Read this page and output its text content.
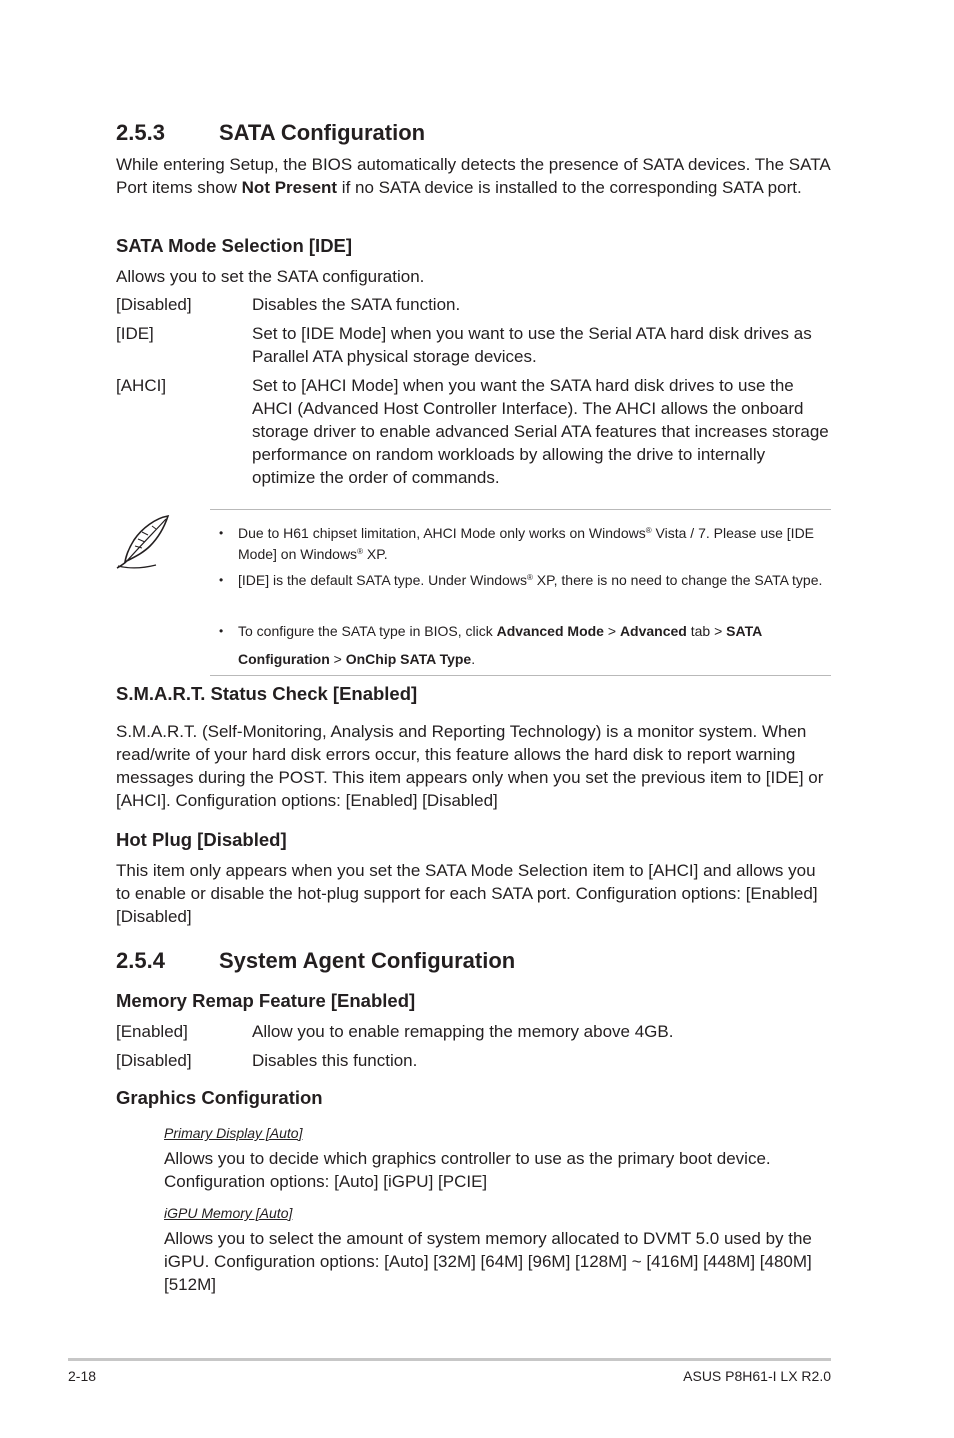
2.5.3 SATA Configuration
While entering Setup, the BIOS automatically detects the presence of SATA devices. The SATA Port items show Not Present if no SATA device is installed to the corresponding SATA port.
SATA Mode Selection [IDE]
Allows you to set the SATA configuration.
[Disabled]	Disables the SATA function.
[IDE]	Set to [IDE Mode] when you want to use the Serial ATA hard disk drives as Parallel ATA physical storage devices.
[AHCI]	Set to [AHCI Mode] when you want the SATA hard disk drives to use the AHCI (Advanced Host Controller Interface). The AHCI allows the onboard storage driver to enable advanced Serial ATA features that increases storage performance on random workloads by allowing the drive to internally optimize the order of commands.
• Due to H61 chipset limitation, AHCI Mode only works on Windows® Vista / 7. Please use [IDE Mode] on Windows® XP.
• [IDE] is the default SATA type. Under Windows® XP, there is no need to change the SATA type.
• To configure the SATA type in BIOS, click Advanced Mode > Advanced tab > SATA Configuration > OnChip SATA Type.
S.M.A.R.T. Status Check [Enabled]
S.M.A.R.T. (Self-Monitoring, Analysis and Reporting Technology) is a monitor system. When read/write of your hard disk errors occur, this feature allows the hard disk to report warning messages during the POST. This item appears only when you set the previous item to [IDE] or [AHCI]. Configuration options: [Enabled] [Disabled]
Hot Plug [Disabled]
This item only appears when you set the SATA Mode Selection item to [AHCI] and allows you to enable or disable the hot-plug support for each SATA port. Configuration options: [Enabled] [Disabled]
2.5.4 System Agent Configuration
Memory Remap Feature [Enabled]
[Enabled]	Allow you to enable remapping the memory above 4GB.
[Disabled]	Disables this function.
Graphics Configuration
Primary Display [Auto]
Allows you to decide which graphics controller to use as the primary boot device. Configuration options: [Auto] [iGPU] [PCIE]
iGPU Memory [Auto]
Allows you to select the amount of system memory allocated to DVMT 5.0 used by the iGPU. Configuration options: [Auto] [32M] [64M] [96M] [128M] ~ [416M] [448M] [480M] [512M]
2-18	ASUS P8H61-I LX R2.0
